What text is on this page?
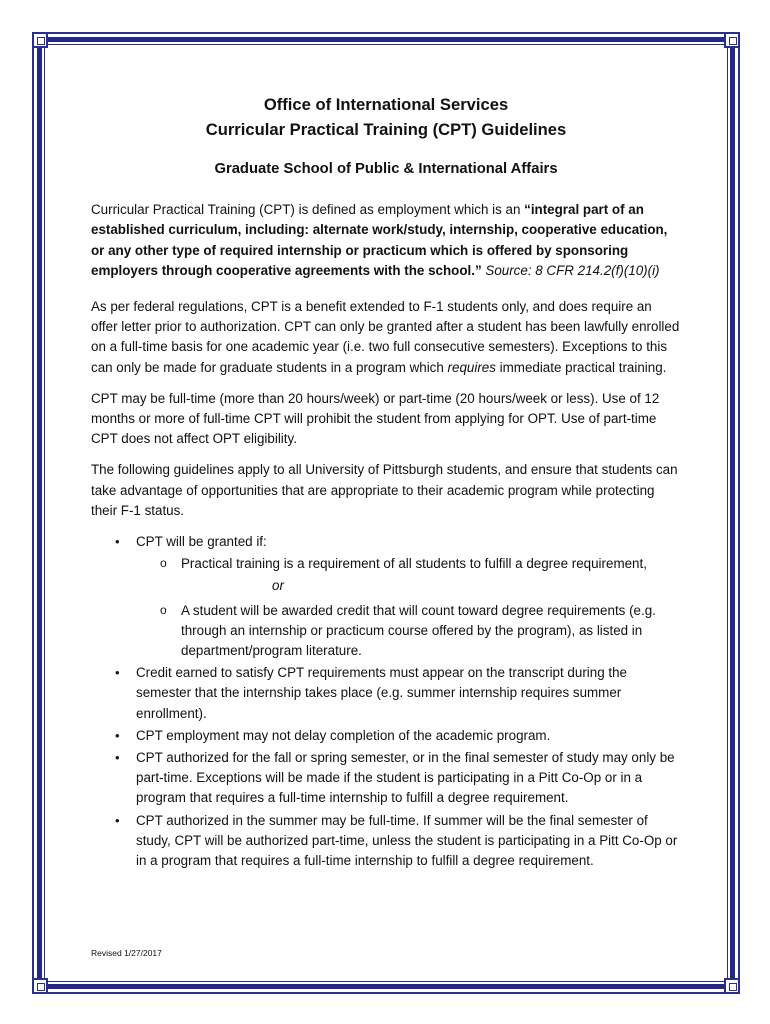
Office of International Services
Curricular Practical Training (CPT) Guidelines
Graduate School of Public & International Affairs

Curricular Practical Training (CPT) is defined as employment which is an “integral part of an established curriculum, including: alternate work/study, internship, cooperative education, or any other type of required internship or practicum which is offered by sponsoring employers through cooperative agreements with the school.” Source: 8 CFR 214.2(f)(10)(i)

As per federal regulations, CPT is a benefit extended to F-1 students only, and does require an offer letter prior to authorization. CPT can only be granted after a student has been lawfully enrolled on a full-time basis for one academic year (i.e. two full consecutive semesters). Exceptions to this can only be made for graduate students in a program which requires immediate practical training.

CPT may be full-time (more than 20 hours/week) or part-time (20 hours/week or less). Use of 12 months or more of full-time CPT will prohibit the student from applying for OPT. Use of part-time CPT does not affect OPT eligibility.

The following guidelines apply to all University of Pittsburgh students, and ensure that students can take advantage of opportunities that are appropriate to their academic program while protecting their F-1 status.

• CPT will be granted if:
o Practical training is a requirement of all students to fulfill a degree requirement,
or
o A student will be awarded credit that will count toward degree requirements (e.g. through an internship or practicum course offered by the program), as listed in department/program literature.
• Credit earned to satisfy CPT requirements must appear on the transcript during the semester that the internship takes place (e.g. summer internship requires summer enrollment).
• CPT employment may not delay completion of the academic program.
• CPT authorized for the fall or spring semester, or in the final semester of study may only be part-time. Exceptions will be made if the student is participating in a Pitt Co-Op or in a program that requires a full-time internship to fulfill a degree requirement.
• CPT authorized in the summer may be full-time. If summer will be the final semester of study, CPT will be authorized part-time, unless the student is participating in a Pitt Co-Op or in a program that requires a full-time internship to fulfill a degree requirement.
Revised 1/27/2017
